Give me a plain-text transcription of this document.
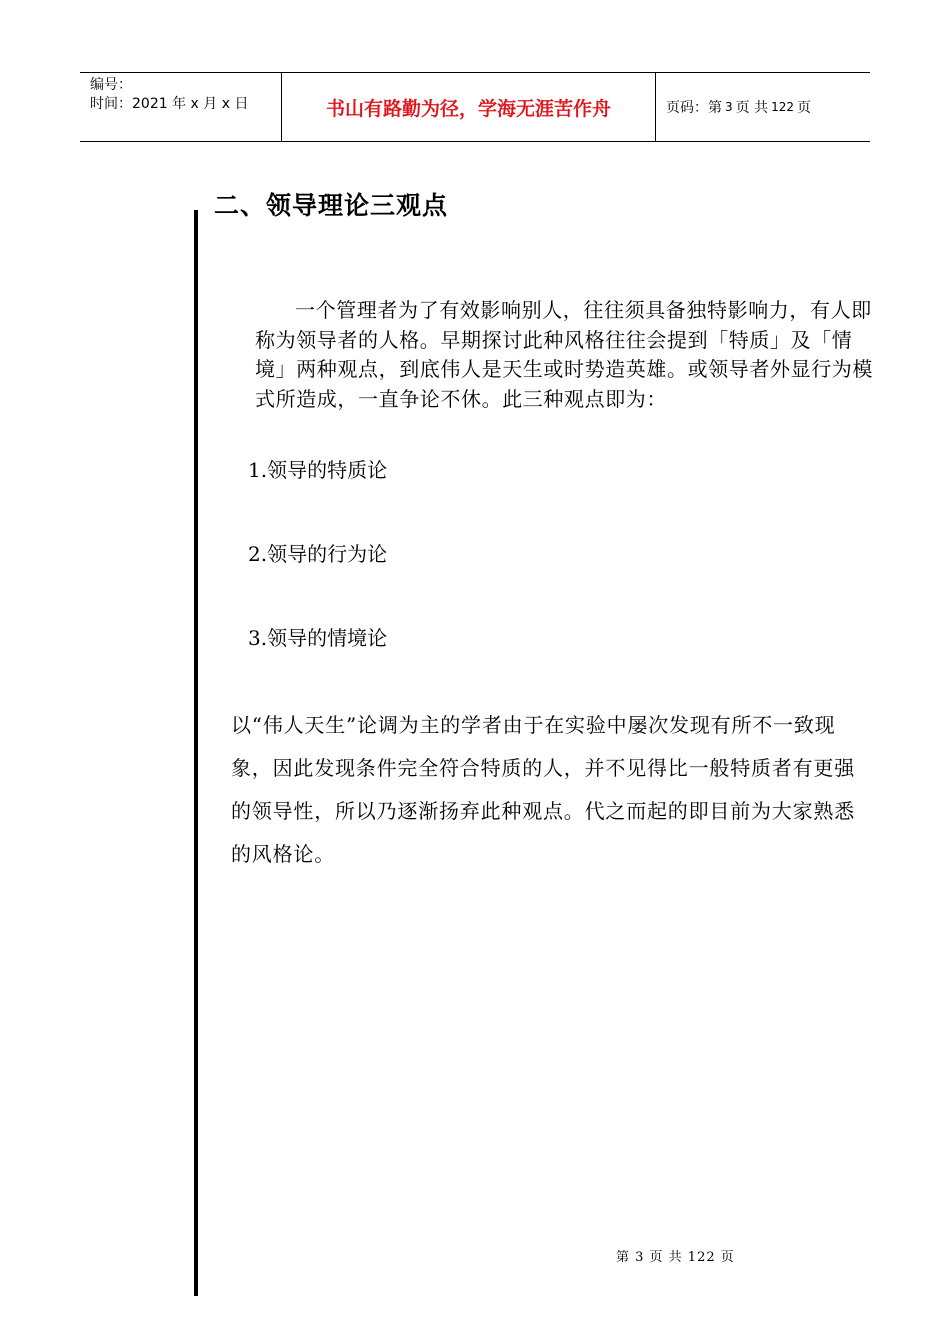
编号：
时间：2021 年 x 月 x 日	书山有路勤为径，学海无涯苦作舟	页码：第 3 页 共 122 页
二、领导理论三观点

一个管理者为了有效影响别人，往往须具备独特影响力，有人即称为领导者的人格。早期探讨此种风格往往会提到「特质」及「情境」两种观点，到底伟人是天生或时势造英雄。或领导者外显行为模式所造成，一直争论不休。此三种观点即为：

1.领导的特质论

2.领导的行为论

3.领导的情境论

以“伟人天生”论调为主的学者由于在实验中屡次发现有所不一致现象，因此发现条件完全符合特质的人，并不见得比一般特质者有更强的领导性，所以乃逐渐扬弃此种观点。代之而起的即目前为大家熟悉的风格论。

第 3 页 共 122 页
